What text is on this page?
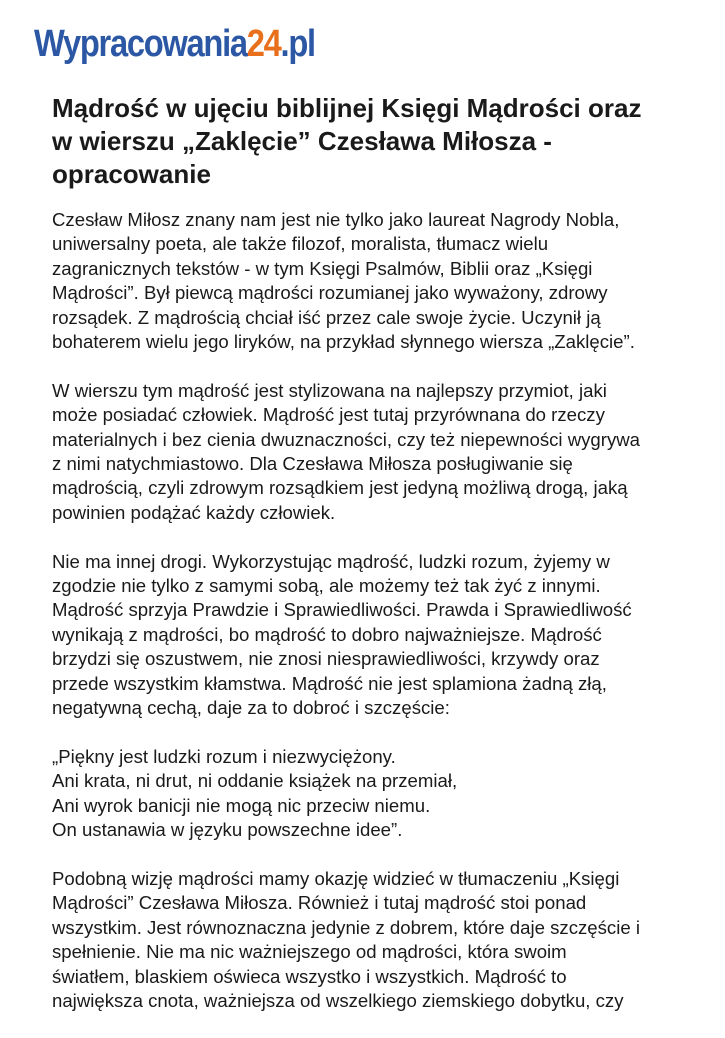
Wypracowania 24 .pl
Mądrość w ujęciu biblijnej Księgi Mądrości oraz
w wierszu „Zaklęcie” Czesława Miłosza -
opracowanie

Czesław Miłosz znany nam jest nie tylko jako laureat Nagrody Nobla,
uniwersalny poeta, ale także filozof, moralista, tłumacz wielu
zagranicznych tekstów - w tym Księgi Psalmów, Biblii oraz „Księgi
Mądrości”. Był piewcą mądrości rozumianej jako wyważony, zdrowy
rozsądek. Z mądrością chciał iść przez cale swoje życie. Uczynił ją
bohaterem wielu jego liryków, na przykład słynnego wiersza „Zaklęcie”.

W wierszu tym mądrość jest stylizowana na najlepszy przymiot, jaki
może posiadać człowiek. Mądrość jest tutaj przyrównana do rzeczy
materialnych i bez cienia dwuznaczności, czy też niepewności wygrywa
z nimi natychmiastowo. Dla Czesława Miłosza posługiwanie się
mądrością, czyli zdrowym rozsądkiem jest jedyną możliwą drogą, jaką
powinien podążać każdy człowiek.

Nie ma innej drogi. Wykorzystując mądrość, ludzki rozum, żyjemy w
zgodzie nie tylko z samymi sobą, ale możemy też tak żyć z innymi.
Mądrość sprzyja Prawdzie i Sprawiedliwości. Prawda i Sprawiedliwość
wynikają z mądrości, bo mądrość to dobro najważniejsze. Mądrość
brzydzi się oszustwem, nie znosi niesprawiedliwości, krzywdy oraz
przede wszystkim kłamstwa. Mądrość nie jest splamiona żadną złą,
negatywną cechą, daje za to dobroć i szczęście:

„Piękny jest ludzki rozum i niezwyciężony.
Ani krata, ni drut, ni oddanie książek na przemiał,
Ani wyrok banicji nie mogą nic przeciw niemu.
On ustanawia w języku powszechne idee”.

Podobną wizję mądrości mamy okazję widzieć w tłumaczeniu „Księgi
Mądrości” Czesława Miłosza. Również i tutaj mądrość stoi ponad
wszystkim. Jest równoznaczna jedynie z dobrem, które daje szczęście i
spełnienie. Nie ma nic ważniejszego od mądrości, która swoim
światłem, blaskiem oświeca wszystko i wszystkich. Mądrość to
największa cnota, ważniejsza od wszelkiego ziemskiego dobytku, czy
